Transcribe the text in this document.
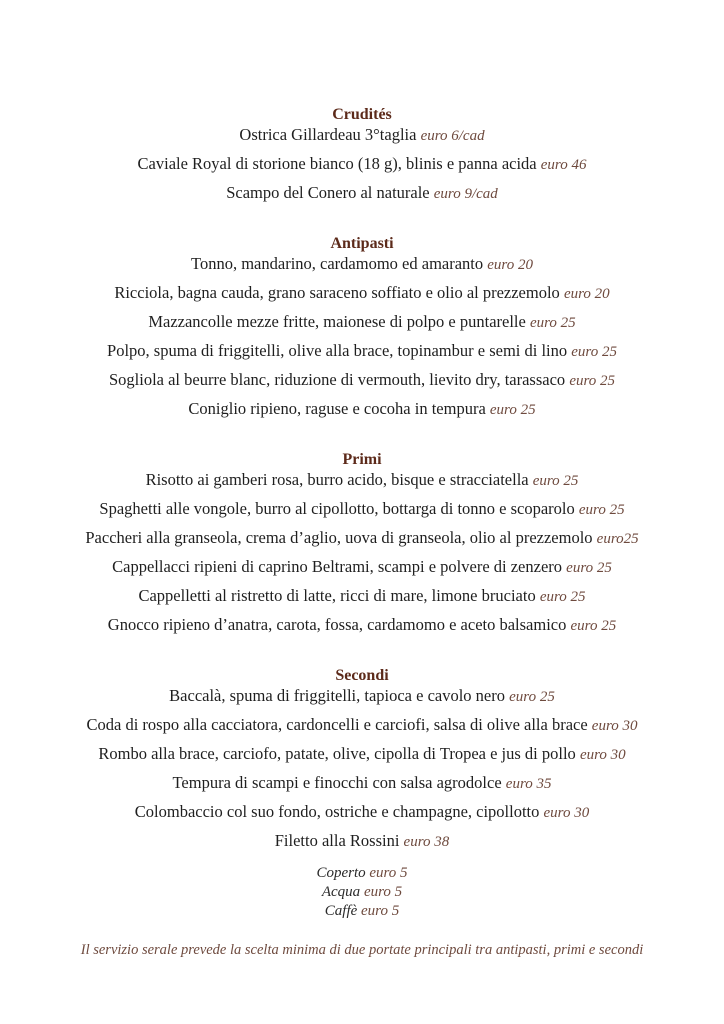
Crudités
Ostrica Gillardeau 3°taglia euro 6/cad
Caviale Royal di storione bianco (18 g), blinis e panna acida euro 46
Scampo del Conero al naturale euro 9/cad
Antipasti
Tonno, mandarino, cardamomo ed amaranto euro 20
Ricciola, bagna cauda, grano saraceno soffiato e olio al prezzemolo euro 20
Mazzancolle mezze fritte, maionese di polpo e puntarelle euro 25
Polpo, spuma di friggitelli, olive alla brace, topinambur e semi di lino euro 25
Sogliola al beurre blanc, riduzione di vermouth, lievito dry, tarassaco euro 25
Coniglio ripieno, raguse e cocoha in tempura euro 25
Primi
Risotto ai gamberi rosa, burro acido, bisque e stracciatella euro 25
Spaghetti alle vongole, burro al cipollotto, bottarga di tonno e scoparolo euro 25
Paccheri alla granseola, crema d’aglio, uova di granseola, olio al prezzemolo euro25
Cappellacci ripieni di caprino Beltrami, scampi e polvere di zenzero euro 25
Cappelletti al ristretto di latte, ricci di mare, limone bruciato euro 25
Gnocco ripieno d’anatra, carota, fossa, cardamomo e aceto balsamico euro 25
Secondi
Baccalà, spuma di friggitelli, tapioca e cavolo nero euro 25
Coda di rospo alla cacciatora, cardoncelli e carciofi, salsa di olive alla brace euro 30
Rombo alla brace, carciofo, patate, olive, cipolla di Tropea e jus di pollo euro 30
Tempura di scampi e finocchi con salsa agrodolce euro 35
Colombaccio col suo fondo, ostriche e champagne, cipollotto euro 30
Filetto alla Rossini euro 38
Coperto euro 5
Acqua euro 5
Caffè euro 5
Il servizio serale prevede la scelta minima di due portate principali tra antipasti, primi e secondi
